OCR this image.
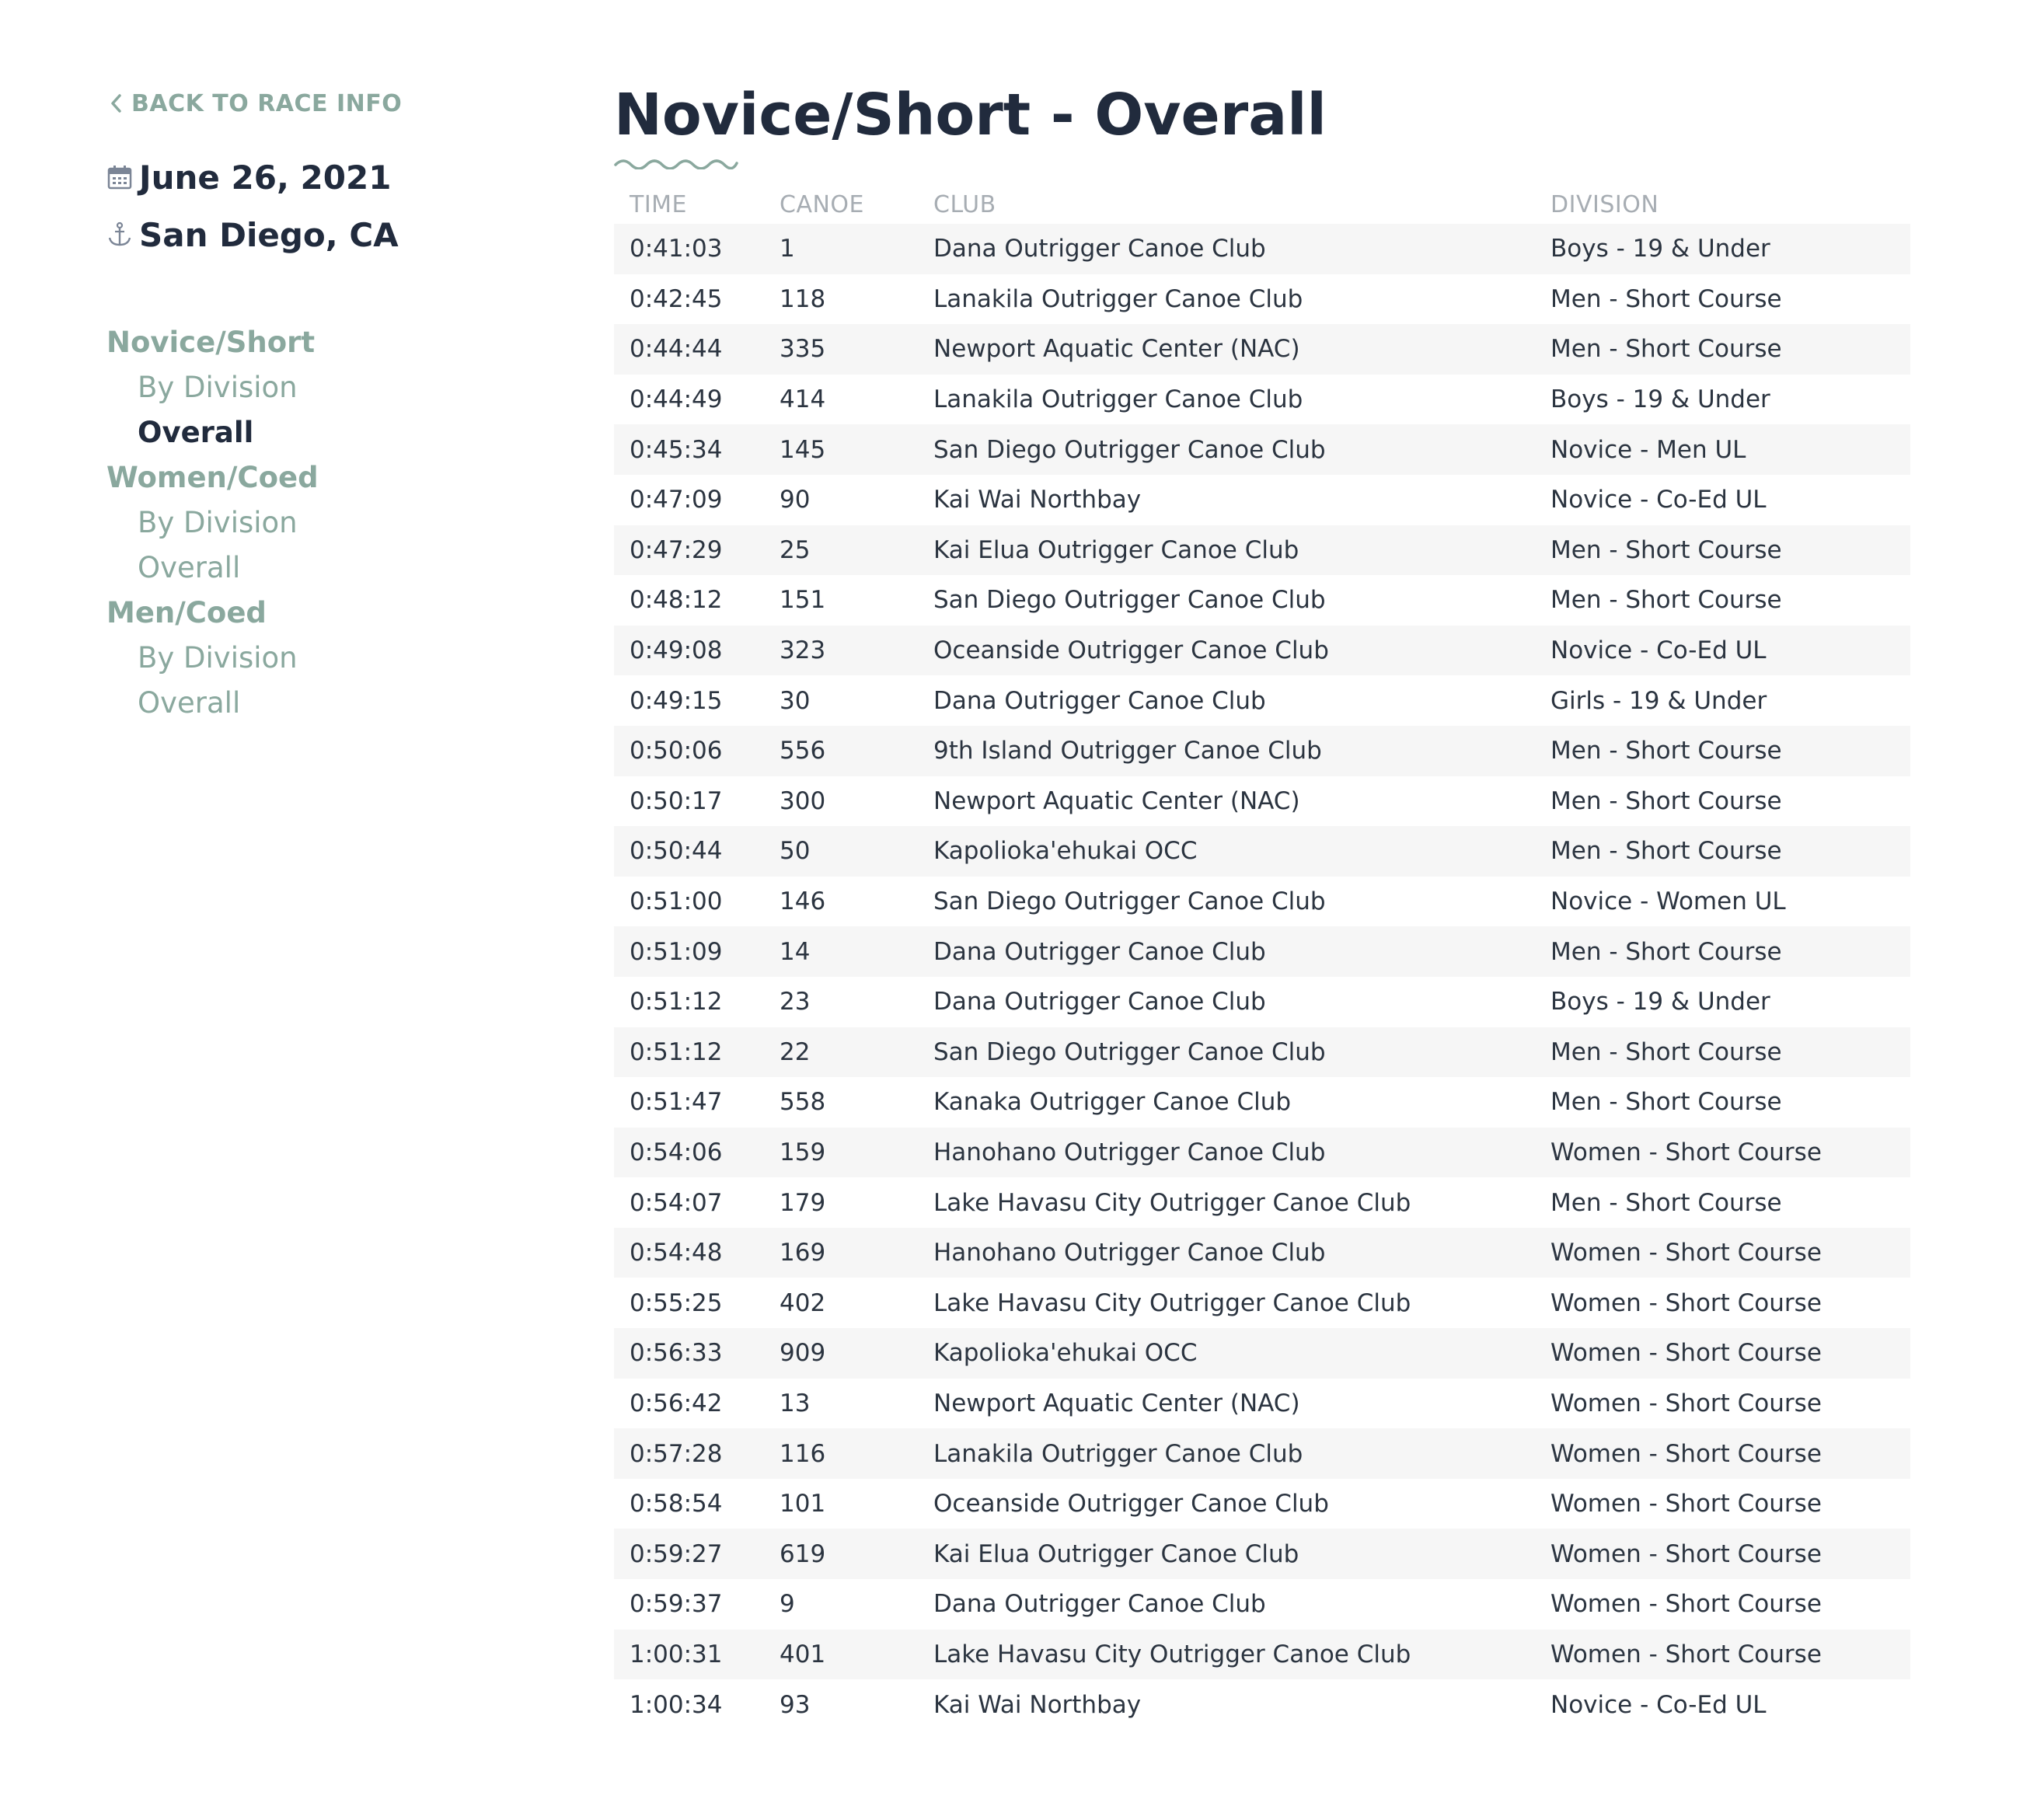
BACK TO RACE INFO
June 26, 2021
San Diego, CA
Novice/Short
By Division
Overall
Women/Coed
By Division
Overall
Men/Coed
By Division
Overall
Novice/Short - Overall
TIME	CANOE	CLUB	DIVISION
0:41:03	1	Dana Outrigger Canoe Club	Boys - 19 & Under
0:42:45	118	Lanakila Outrigger Canoe Club	Men - Short Course
0:44:44	335	Newport Aquatic Center (NAC)	Men - Short Course
0:44:49	414	Lanakila Outrigger Canoe Club	Boys - 19 & Under
0:45:34	145	San Diego Outrigger Canoe Club	Novice - Men UL
0:47:09	90	Kai Wai Northbay	Novice - Co-Ed UL
0:47:29	25	Kai Elua Outrigger Canoe Club	Men - Short Course
0:48:12	151	San Diego Outrigger Canoe Club	Men - Short Course
0:49:08	323	Oceanside Outrigger Canoe Club	Novice - Co-Ed UL
0:49:15	30	Dana Outrigger Canoe Club	Girls - 19 & Under
0:50:06	556	9th Island Outrigger Canoe Club	Men - Short Course
0:50:17	300	Newport Aquatic Center (NAC)	Men - Short Course
0:50:44	50	Kapolioka'ehukai OCC	Men - Short Course
0:51:00	146	San Diego Outrigger Canoe Club	Novice - Women UL
0:51:09	14	Dana Outrigger Canoe Club	Men - Short Course
0:51:12	23	Dana Outrigger Canoe Club	Boys - 19 & Under
0:51:12	22	San Diego Outrigger Canoe Club	Men - Short Course
0:51:47	558	Kanaka Outrigger Canoe Club	Men - Short Course
0:54:06	159	Hanohano Outrigger Canoe Club	Women - Short Course
0:54:07	179	Lake Havasu City Outrigger Canoe Club	Men - Short Course
0:54:48	169	Hanohano Outrigger Canoe Club	Women - Short Course
0:55:25	402	Lake Havasu City Outrigger Canoe Club	Women - Short Course
0:56:33	909	Kapolioka'ehukai OCC	Women - Short Course
0:56:42	13	Newport Aquatic Center (NAC)	Women - Short Course
0:57:28	116	Lanakila Outrigger Canoe Club	Women - Short Course
0:58:54	101	Oceanside Outrigger Canoe Club	Women - Short Course
0:59:27	619	Kai Elua Outrigger Canoe Club	Women - Short Course
0:59:37	9	Dana Outrigger Canoe Club	Women - Short Course
1:00:31	401	Lake Havasu City Outrigger Canoe Club	Women - Short Course
1:00:34	93	Kai Wai Northbay	Novice - Co-Ed UL
